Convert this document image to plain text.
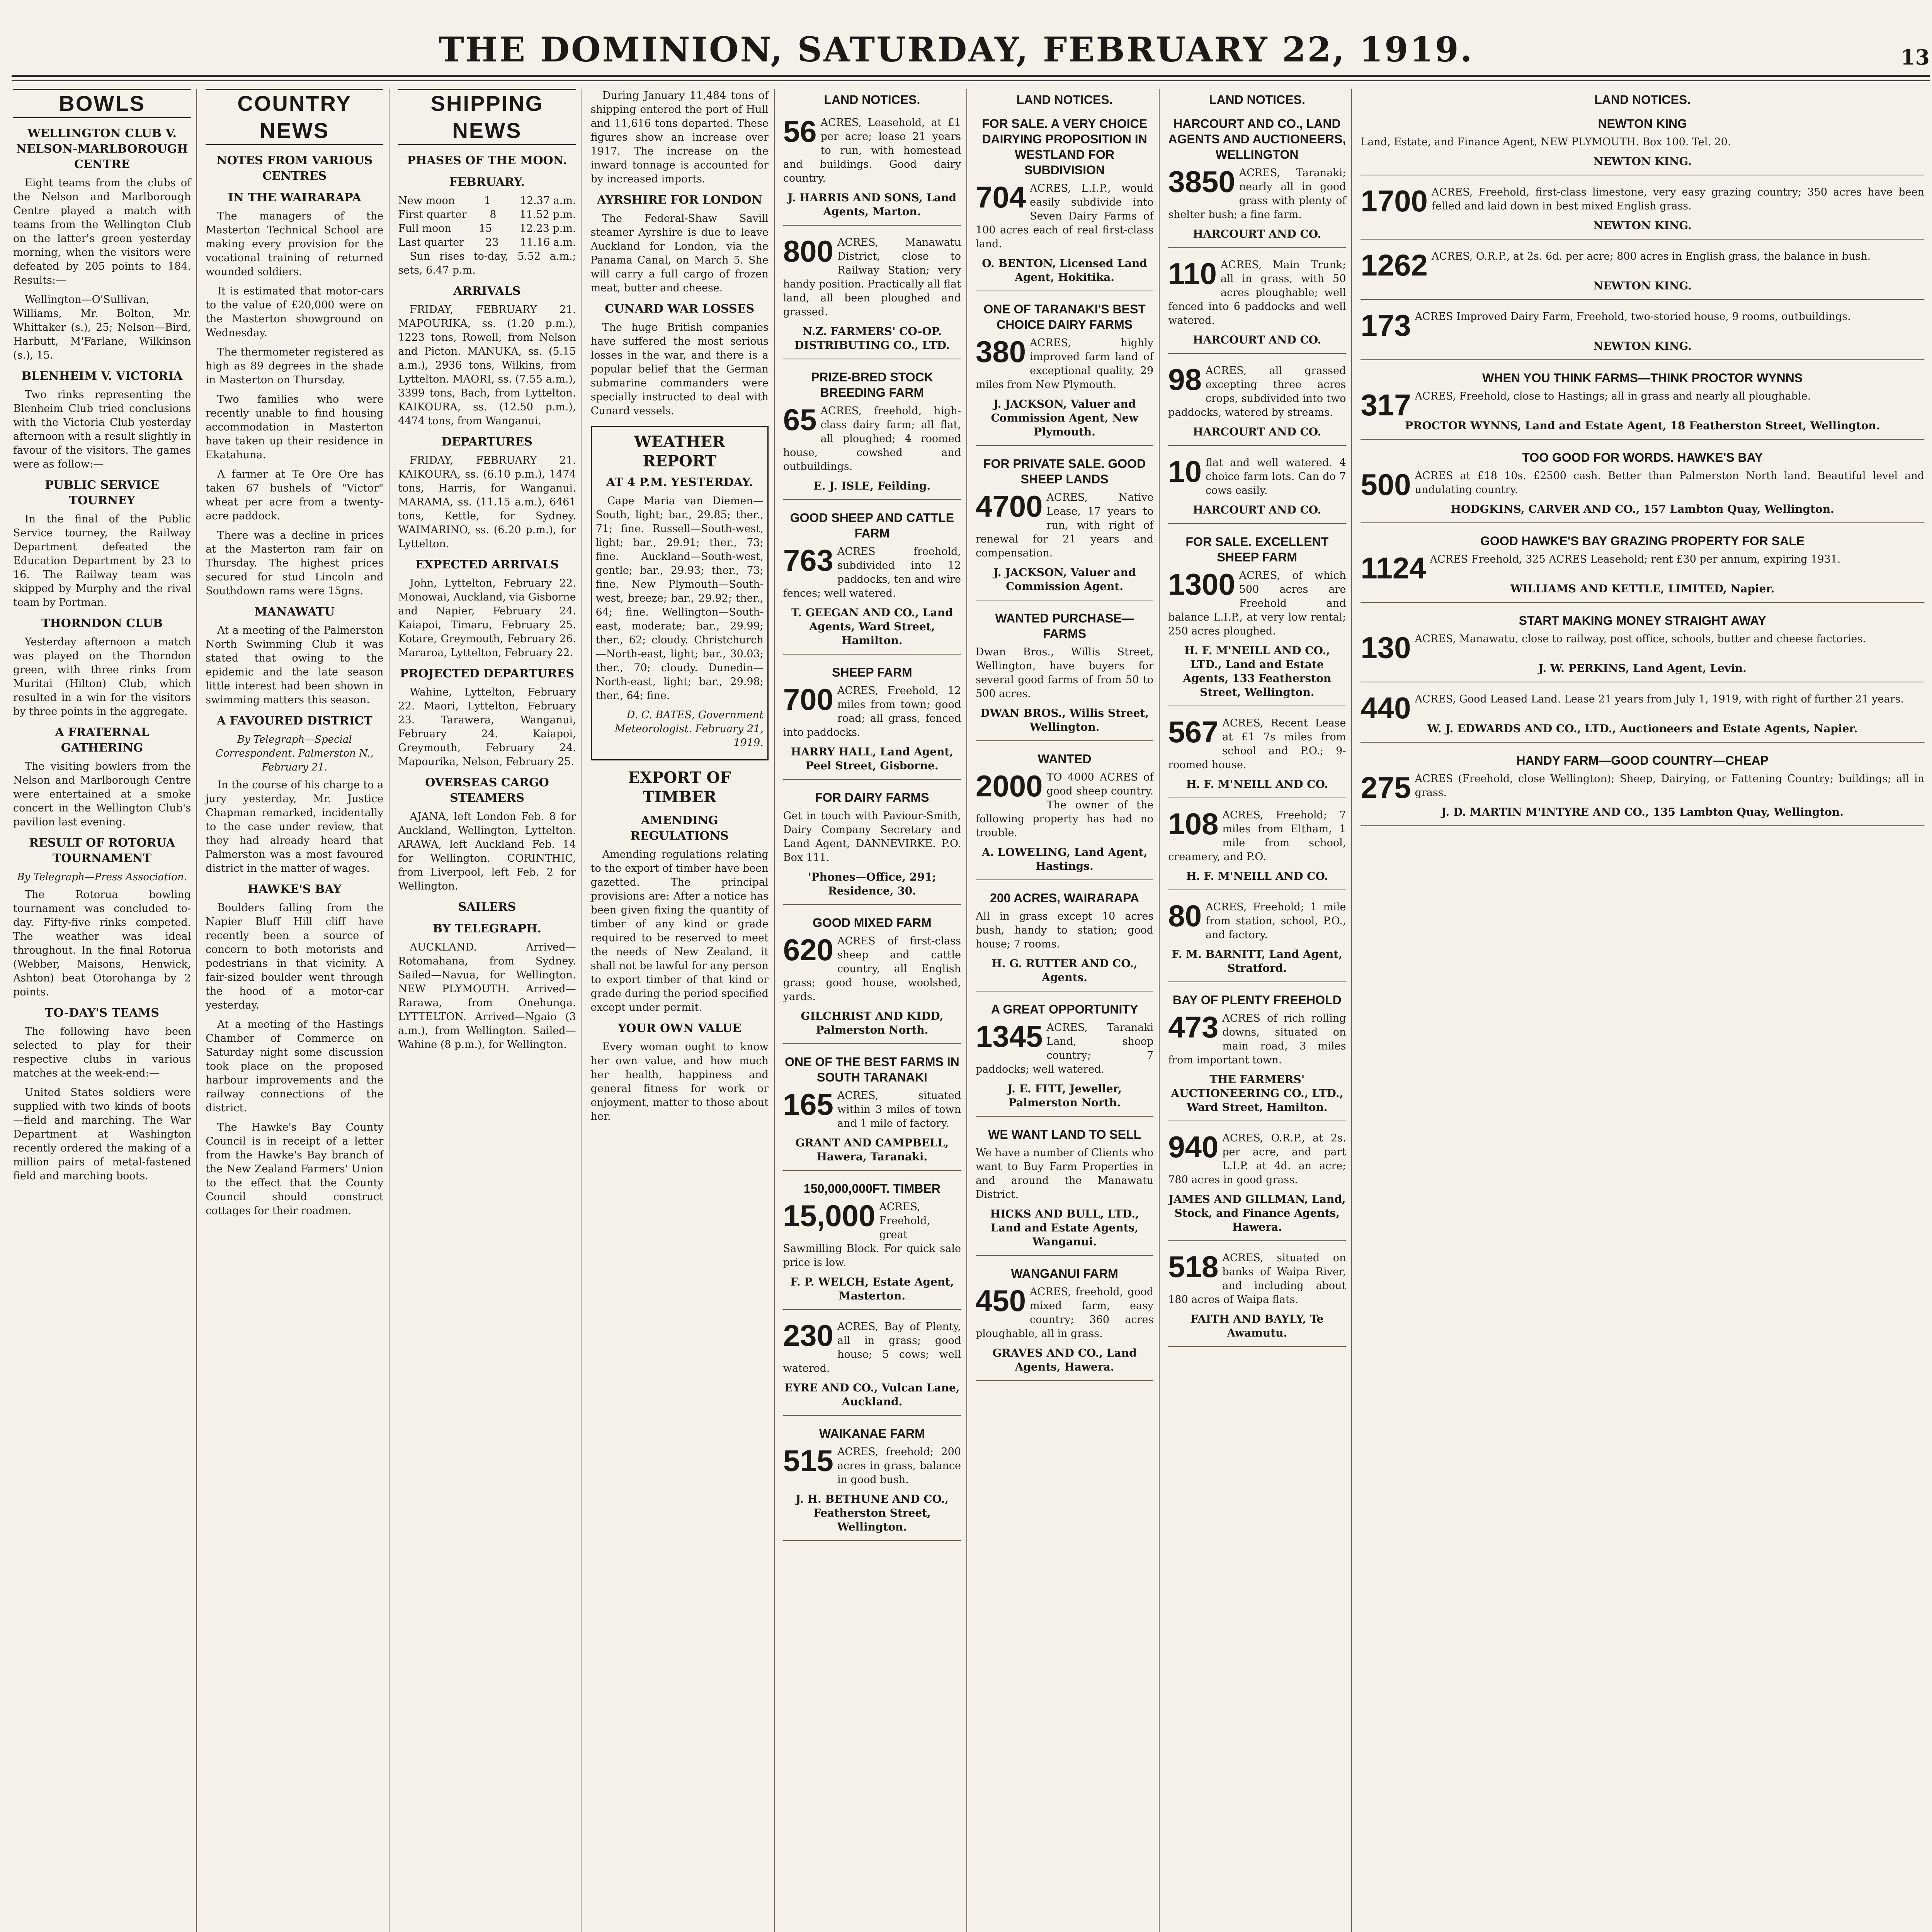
THE DOMINION, SATURDAY, FEBRUARY 22, 1919.	13
BOWLS
WELLINGTON CLUB V. NELSON-MARLBOROUGH CENTRE

Eight teams from the clubs of the Nelson and Marlborough Centre played a match with teams from the Wellington Club on the latter's green yesterday morning, when the visitors were defeated by 205 points to 184. Results:—

Wellington—O'Sullivan, Williams, Mr. Bolton, Mr. Whittaker (s.), 25; Nelson—Bird, Harbutt, M'Farlane, Wilkinson (s.), 15.

BLENHEIM V. VICTORIA

Two rinks representing the Blenheim Club tried conclusions with the Victoria Club yesterday afternoon with a result slightly in favour of the visitors. The games were as follow:—

PUBLIC SERVICE TOURNEY

In the final of the Public Service tourney, the Railway Department defeated the Education Department by 23 to 16. The Railway team was skipped by Murphy and the rival team by Portman.

THORNDON CLUB

Yesterday afternoon a match was played on the Thorndon green, with three rinks from Muritai (Hilton) Club, which resulted in a win for the visitors by three points in the aggregate.

A FRATERNAL GATHERING

The visiting bowlers from the Nelson and Marlborough Centre were entertained at a smoke concert in the Wellington Club's pavilion last evening.

RESULT OF ROTORUA TOURNAMENT
By Telegraph—Press Association.

The Rotorua bowling tournament was concluded to-day. Fifty-five rinks competed. The weather was ideal throughout. In the final Rotorua (Webber, Maisons, Henwick, Ashton) beat Otorohanga by 2 points.

TO-DAY'S TEAMS

The following have been selected to play for their respective clubs in various matches at the week-end:—

United States soldiers were supplied with two kinds of boots—field and marching. The War Department at Washington recently ordered the making of a million pairs of metal-fastened field and marching boots.

COUNTRY NEWS
NOTES FROM VARIOUS CENTRES
IN THE WAIRARAPA

The managers of the Masterton Technical School are making every provision for the vocational training of returned wounded soldiers.

It is estimated that motor-cars to the value of £20,000 were on the Masterton showground on Wednesday.

The thermometer registered as high as 89 degrees in the shade in Masterton on Thursday.

Two families who were recently unable to find housing accommodation in Masterton have taken up their residence in Ekatahuna.

A farmer at Te Ore Ore has taken 67 bushels of "Victor" wheat per acre from a twenty-acre paddock.

There was a decline in prices at the Masterton ram fair on Thursday. The highest prices secured for stud Lincoln and Southdown rams were 15gns.

MANAWATU

At a meeting of the Palmerston North Swimming Club it was stated that owing to the epidemic and the late season little interest had been shown in swimming matters this season.

A FAVOURED DISTRICT
By Telegraph—Special Correspondent. Palmerston N., February 21.

In the course of his charge to a jury yesterday, Mr. Justice Chapman remarked, incidentally to the case under review, that they had already heard that Palmerston was a most favoured district in the matter of wages.

HAWKE'S BAY

Boulders falling from the Napier Bluff Hill cliff have recently been a source of concern to both motorists and pedestrians in that vicinity. A fair-sized boulder went through the hood of a motor-car yesterday.

At a meeting of the Hastings Chamber of Commerce on Saturday night some discussion took place on the proposed harbour improvements and the railway connections of the district.

The Hawke's Bay County Council is in receipt of a letter from the Hawke's Bay branch of the New Zealand Farmers' Union to the effect that the County Council should construct cottages for their roadmen.

SHIPPING NEWS
PHASES OF THE MOON.
FEBRUARY.
New moon	1	12.37 a.m.
First quarter 8 11.52 p.m.
Full moon	15	12.23 p.m.
Last quarter 23 11.16 a.m.

Sun rises to-day, 5.52 a.m.; sets, 6.47 p.m.

ARRIVALS

FRIDAY, FEBRUARY 21. MAPOURIKA, ss. (1.20 p.m.), 1223 tons, Rowell, from Nelson and Picton. MANUKA, ss. (5.15 a.m.), 2936 tons, Wilkins, from Lyttelton. MAORI, ss. (7.55 a.m.), 3399 tons, Bach, from Lyttelton. KAIKOURA, ss. (12.50 p.m.), 4474 tons, from Wanganui.

DEPARTURES

FRIDAY, FEBRUARY 21. KAIKOURA, ss. (6.10 p.m.), 1474 tons, Harris, for Wanganui. MARAMA, ss. (11.15 a.m.), 6461 tons, Kettle, for Sydney. WAIMARINO, ss. (6.20 p.m.), for Lyttelton.

EXPECTED ARRIVALS

John, Lyttelton, February 22. Monowai, Auckland, via Gisborne and Napier, February 24. Kaiapoi, Timaru, February 25. Kotare, Greymouth, February 26. Mararoa, Lyttelton, February 22.

PROJECTED DEPARTURES

Wahine, Lyttelton, February 22. Maori, Lyttelton, February 23. Tarawera, Wanganui, February 24. Kaiapoi, Greymouth, February 24. Mapourika, Nelson, February 25.

OVERSEAS CARGO STEAMERS

AJANA, left London Feb. 8 for Auckland, Wellington, Lyttelton. ARAWA, left Auckland Feb. 14 for Wellington. CORINTHIC, from Liverpool, left Feb. 2 for Wellington.

SAILERS
BY TELEGRAPH.

AUCKLAND. Arrived—Rotomahana, from Sydney. Sailed—Navua, for Wellington. NEW PLYMOUTH. Arrived—Rarawa, from Onehunga. LYTTELTON. Arrived—Ngaio (3 a.m.), from Wellington. Sailed—Wahine (8 p.m.), for Wellington.

During January 11,484 tons of shipping entered the port of Hull and 11,616 tons departed. These figures show an increase over 1917. The increase on the inward tonnage is accounted for by increased imports.

AYRSHIRE FOR LONDON

The Federal-Shaw Savill steamer Ayrshire is due to leave Auckland for London, via the Panama Canal, on March 5. She will carry a full cargo of frozen meat, butter and cheese.

CUNARD WAR LOSSES

The huge British companies have suffered the most serious losses in the war, and there is a popular belief that the German submarine commanders were specially instructed to deal with Cunard vessels.

WEATHER REPORT
AT 4 P.M. YESTERDAY.

Cape Maria van Diemen—South, light; bar., 29.85; ther., 71; fine. Russell—South-west, light; bar., 29.91; ther., 73; fine. Auckland—South-west, gentle; bar., 29.93; ther., 73; fine. New Plymouth—South-west, breeze; bar., 29.92; ther., 64; fine. Wellington—South-east, moderate; bar., 29.99; ther., 62; cloudy. Christchurch—North-east, light; bar., 30.03; ther., 70; cloudy. Dunedin—North-east, light; bar., 29.98; ther., 64; fine.

D. C. BATES, Government Meteorologist. February 21, 1919.

EXPORT OF TIMBER
AMENDING REGULATIONS

Amending regulations relating to the export of timber have been gazetted. The principal provisions are: After a notice has been given fixing the quantity of timber of any kind or grade required to be reserved to meet the needs of New Zealand, it shall not be lawful for any person to export timber of that kind or grade during the period specified except under permit.

YOUR OWN VALUE

Every woman ought to know her own value, and how much her health, happiness and general fitness for work or enjoyment, matter to those about her.

LAND NOTICES.

56 ACRES, Leasehold, at £1 per acre; lease 21 years to run, with homestead and buildings. Good dairy country.

J. HARRIS AND SONS, Land Agents, Marton.

800 ACRES, Manawatu District, close to Railway Station; very handy position. Practically all flat land, all been ploughed and grassed.

N.Z. FARMERS' CO-OP. DISTRIBUTING CO., LTD.
PRIZE-BRED STOCK BREEDING FARM

65 ACRES, freehold, high-class dairy farm; all flat, all ploughed; 4 roomed house, cowshed and outbuildings.

E. J. ISLE, Feilding.
GOOD SHEEP AND CATTLE FARM

763 ACRES freehold, subdivided into 12 paddocks, ten and wire fences; well watered.

T. GEEGAN AND CO., Land Agents, Ward Street, Hamilton.
SHEEP FARM

700 ACRES, Freehold, 12 miles from town; good road; all grass, fenced into paddocks.

HARRY HALL, Land Agent, Peel Street, Gisborne.
FOR DAIRY FARMS

Get in touch with Paviour-Smith, Dairy Company Secretary and Land Agent, DANNEVIRKE. P.O. Box 111.

'Phones—Office, 291; Residence, 30.
GOOD MIXED FARM

620 ACRES of first-class sheep and cattle country, all English grass; good house, woolshed, yards.

GILCHRIST AND KIDD, Palmerston North.
ONE OF THE BEST FARMS IN SOUTH TARANAKI

165 ACRES, situated within 3 miles of town and 1 mile of factory.

GRANT AND CAMPBELL, Hawera, Taranaki.
150,000,000FT. TIMBER

15,000 ACRES, Freehold, great Sawmilling Block. For quick sale price is low.

F. P. WELCH, Estate Agent, Masterton.

230 ACRES, Bay of Plenty, all in grass; good house; 5 cows; well watered.

EYRE AND CO., Vulcan Lane, Auckland.
WAIKANAE FARM

515 ACRES, freehold; 200 acres in grass, balance in good bush.

J. H. BETHUNE AND CO., Featherston Street, Wellington.
LAND NOTICES.
FOR SALE. A VERY CHOICE DAIRYING PROPOSITION IN WESTLAND FOR SUBDIVISION

704 ACRES, L.I.P., would easily subdivide into Seven Dairy Farms of 100 acres each of real first-class land.

O. BENTON, Licensed Land Agent, Hokitika.
ONE OF TARANAKI'S BEST CHOICE DAIRY FARMS

380 ACRES, highly improved farm land of exceptional quality, 29 miles from New Plymouth.

J. JACKSON, Valuer and Commission Agent, New Plymouth.
FOR PRIVATE SALE. GOOD SHEEP LANDS

4700 ACRES, Native Lease, 17 years to run, with right of renewal for 21 years and compensation.

J. JACKSON, Valuer and Commission Agent.
WANTED PURCHASE—FARMS

Dwan Bros., Willis Street, Wellington, have buyers for several good farms of from 50 to 500 acres.

DWAN BROS., Willis Street, Wellington.
WANTED

2000 TO 4000 ACRES of good sheep country. The owner of the following property has had no trouble.

A. LOWELING, Land Agent, Hastings.
200 ACRES, WAIRARAPA

All in grass except 10 acres bush, handy to station; good house; 7 rooms.

H. G. RUTTER AND CO., Agents.
A GREAT OPPORTUNITY

1345 ACRES, Taranaki Land, sheep country; 7 paddocks; well watered.

J. E. FITT, Jeweller, Palmerston North.
WE WANT LAND TO SELL

We have a number of Clients who want to Buy Farm Properties in and around the Manawatu District.

HICKS AND BULL, LTD., Land and Estate Agents, Wanganui.
WANGANUI FARM

450 ACRES, freehold, good mixed farm, easy country; 360 acres ploughable, all in grass.

GRAVES AND CO., Land Agents, Hawera.
LAND NOTICES.
HARCOURT AND CO., LAND AGENTS AND AUCTIONEERS, WELLINGTON

3850 ACRES, Taranaki; nearly all in good grass with plenty of shelter bush; a fine farm.

HARCOURT AND CO.

110 ACRES, Main Trunk; all in grass, with 50 acres ploughable; well fenced into 6 paddocks and well watered.

HARCOURT AND CO.

98 ACRES, all grassed excepting three acres crops, subdivided into two paddocks, watered by streams.

HARCOURT AND CO.

10 flat and well watered. 4 choice farm lots. Can do 7 cows easily.

HARCOURT AND CO.
FOR SALE. EXCELLENT SHEEP FARM

1300 ACRES, of which 500 acres are Freehold and balance L.I.P., at very low rental; 250 acres ploughed.

H. F. M'NEILL AND CO., LTD., Land and Estate Agents, 133 Featherston Street, Wellington.

567 ACRES, Recent Lease at £1 7s miles from school and P.O.; 9-roomed house.

H. F. M'NEILL AND CO.

108 ACRES, Freehold; 7 miles from Eltham, 1 mile from school, creamery, and P.O.

H. F. M'NEILL AND CO.

80 ACRES, Freehold; 1 mile from station, school, P.O., and factory.

F. M. BARNITT, Land Agent, Stratford.
BAY OF PLENTY FREEHOLD

473 ACRES of rich rolling downs, situated on main road, 3 miles from important town.

THE FARMERS' AUCTIONEERING CO., LTD., Ward Street, Hamilton.

940 ACRES, O.R.P., at 2s. per acre, and part L.I.P. at 4d. an acre; 780 acres in good grass.

JAMES AND GILLMAN, Land, Stock, and Finance Agents, Hawera.

518 ACRES, situated on banks of Waipa River, and including about 180 acres of Waipa flats.

FAITH AND BAYLY, Te Awamutu.
LAND NOTICES.
NEWTON KING

Land, Estate, and Finance Agent, NEW PLYMOUTH. Box 100. Tel. 20.

NEWTON KING.

1700 ACRES, Freehold, first-class limestone, very easy grazing country; 350 acres have been felled and laid down in best mixed English grass.

NEWTON KING.

1262 ACRES, O.R.P., at 2s. 6d. per acre; 800 acres in English grass, the balance in bush.

NEWTON KING.

173 ACRES Improved Dairy Farm, Freehold, two-storied house, 9 rooms, outbuildings.

NEWTON KING.
WHEN YOU THINK FARMS—THINK PROCTOR WYNNS

317 ACRES, Freehold, close to Hastings; all in grass and nearly all ploughable.

PROCTOR WYNNS, Land and Estate Agent, 18 Featherston Street, Wellington.
TOO GOOD FOR WORDS. HAWKE'S BAY

500 ACRES at £18 10s. £2500 cash. Better than Palmerston North land. Beautiful level and undulating country.

HODGKINS, CARVER AND CO., 157 Lambton Quay, Wellington.
GOOD HAWKE'S BAY GRAZING PROPERTY FOR SALE

1124 ACRES Freehold, 325 ACRES Leasehold; rent £30 per annum, expiring 1931.

WILLIAMS AND KETTLE, LIMITED, Napier.
START MAKING MONEY STRAIGHT AWAY

130 ACRES, Manawatu, close to railway, post office, schools, butter and cheese factories.

J. W. PERKINS, Land Agent, Levin.

440 ACRES, Good Leased Land. Lease 21 years from July 1, 1919, with right of further 21 years.

W. J. EDWARDS AND CO., LTD., Auctioneers and Estate Agents, Napier.
HANDY FARM—GOOD COUNTRY—CHEAP

275 ACRES (Freehold, close Wellington); Sheep, Dairying, or Fattening Country; buildings; all in grass.

J. D. MARTIN M'INTYRE AND CO., 135 Lambton Quay, Wellington.
